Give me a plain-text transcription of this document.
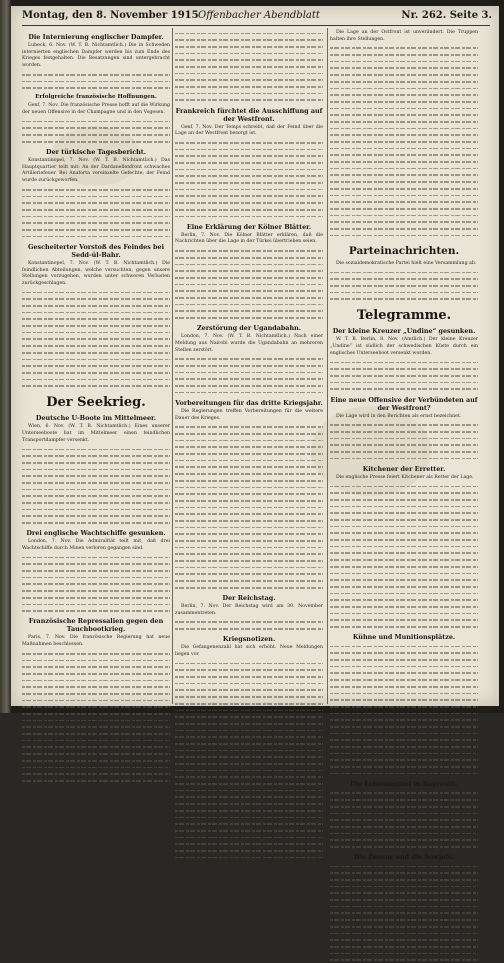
Montag, den 8. November 1915 Offenbacher Abendblatt	Nr. 262. Seite 3.
Die Internierung englischer Dampfer.

Lubeck, 6. Nov. (W. T. B. Nichtamtlich.) Die in Schweden internierten englischen Dampfer werden bis zum Ende des Krieges festgehalten. Die Besatzungen sind untergebracht worden.

Erfolgreiche französische Hoffnungen.

Genf, 7. Nov. Die französische Presse hofft auf die Wirkung der neuen Offensive in der Champagne und in den Vogesen.

Der türkische Tagesbericht.

Konstantinopel, 7. Nov. (W. T. B. Nichtamtlich.) Das Hauptquartier teilt mit: An der Dardanellenfront schwaches Artilleriefeuer. Bei Anaforta vereinzelte Gefechte; der Feind wurde zurückgeworfen.

Gescheiterter Vorstoß des Feindes bei Sedd-ül-Bahr.

Konstantinopel, 7. Nov. (W. T. B. Nichtamtlich.) Die feindlichen Abteilungen, welche versuchten, gegen unsere Stellungen vorzugehen, wurden unter schweren Verlusten zurückgeschlagen.

Der Seekrieg.
Deutsche U-Boote im Mittelmeer.

Wien, 6. Nov. (W. T. B. Nichtamtlich.) Eines unserer Unterseeboote hat im Mittelmeer einen feindlichen Transportdampfer versenkt.

Drei englische Wachtschiffe gesunken.

London, 7. Nov. Die Admiralität teilt mit, daß drei Wachtschiffe durch Minen verloren gegangen sind.

Französische Repressalien gegen den Tauchbootkrieg.

Paris, 7. Nov. Die französische Regierung hat neue Maßnahmen beschlossen.

Frankreich fürchtet die Ausschiffung auf der Westfront.

Genf, 7. Nov. Der Temps schreibt, daß der Feind über die Lage an der Westfront besorgt ist.

Eine Erklärung der Kölner Blätter.

Berlin, 7. Nov. Die Kölner Blätter erklären, daß die Nachrichten über die Lage in der Türkei übertrieben seien.

Zerstörung der Ugandabahn.

London, 7. Nov. (W. T. B. Nichtamtlich.) Nach einer Meldung aus Nairobi wurde die Ugandabahn an mehreren Stellen zerstört.

Vorbereitungen für das dritte Kriegsjahr.

Die Regierungen treffen Vorbereitungen für die weitere Dauer des Krieges.

Der Reichstag.

Berlin, 7. Nov. Der Reichstag wird am 30. November zusammentreten.

Kriegsnotizen.

Die Gefangenenzahl hat sich erhöht. Neue Meldungen liegen vor.

Die Lage an der Ostfront ist unverändert. Die Truppen halten ihre Stellungen.

Parteinachrichten.

Die sozialdemokratische Partei hielt eine Versammlung ab.

Telegramme.
Der kleine Kreuzer „Undine“ gesunken.

W. T. B. Berlin, 8. Nov. (Amtlich.) Der kleine Kreuzer „Undine“ ist südlich der schwedischen Küste durch ein englisches Unterseeboot versenkt worden.

Eine neue Offensive der Verbündeten auf der Westfront?

Die Lage wird in den Berichten als ernst bezeichnet.

Kitchener der Erretter.

Die englische Presse feiert Kitchener als Retter der Lage.

Kühne und Munitionsplätze.
Die Lebensmittel in Bayreuth.
Die Zensur und die Sowjets.
